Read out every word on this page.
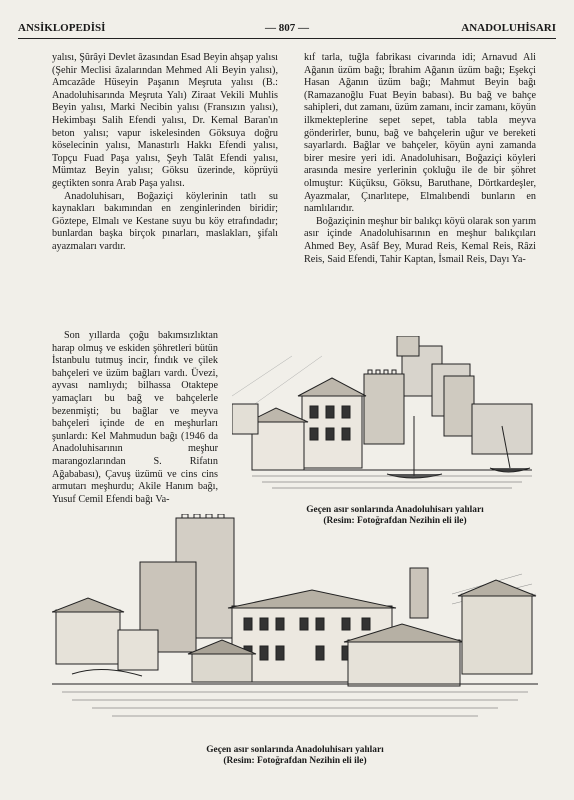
ANSİKLOPEDİSİ	— 807 —	ANADOLUHİSARI

yalısı, Şûrâyi Devlet âzasından Esad Beyin ahşap yalısı (Şehir Meclisi âzalarından Mehmed Ali Beyin yalısı), Amcazâde Hüseyin Paşanın Meşruta yalısı (B.: Anadoluhisarında Meşruta Yalı) Ziraat Vekili Muhlis Beyin yalısı, Marki Necibin yalısı (Fransızın yalısı), Hekimbaşı Salih Efendi yalısı, Dr. Kemal Baran'ın beton yalısı; vapur iskelesinden Göksuya doğru köselecinin yalısı, Manastırlı Hakkı Efendi yalısı, Topçu Fuad Paşa yalısı, Şeyh Talât Efendi yalısı, Mümtaz Beyin yalısı; Göksu üzerinde, köprüyü geçtikten sonra Arab Paşa yalısı.

Anadoluhisarı, Boğaziçi köylerinin tatlı su kaynakları bakımından en zenginlerinden biridir; Göztepe, Elmalı ve Kestane suyu bu köy etrafındadır; bunlardan başka birçok pınarları, maslakları, şifalı ayazmaları vardır.

Son yıllarda çoğu bakımsızlıktan harap olmuş ve eskiden şöhretleri bütün İstanbulu tutmuş incir, fındık ve çilek bahçeleri ve üzüm bağları vardı. Üvezi, ayvası namlıydı; bilhassa Otaktepe yamaçları bu bağ ve bahçelerle bezenmişti; bu bağlar ve meyva bahçeleri içinde de en meşhurları şunlardı: Kel Mahmudun bağı (1946 da Anadoluhisarının meşhur marangozlarından S. Rifatın Ağababası), Çavuş üzümü ve cins cins armutarı meşhurdu; Akile Hanım bağı, Yusuf Cemil Efendi bağı Va-

kıf tarla, tuğla fabrikası civarında idi; Arnavud Ali Ağanın üzüm bağı; İbrahim Ağanın üzüm bağı; Eşekçi Hasan Ağanın üzüm bağı; Mahmut Beyin bağı (Ramazanoğlu Fuat Beyin babası). Bu bağ ve bahçe sahipleri, dut zamanı, üzüm zamanı, incir zamanı, köyün ilkmekteplerine sepet sepet, tabla tabla meyva gönderirler, bunu, bağ ve bahçelerin uğur ve bereketi sayarlardı. Bağlar ve bahçeler, köyün ayni zamanda birer mesire yeri idi. Anadoluhisarı, Boğaziçi köyleri arasında mesire yerlerinin çokluğu ile de bir şöhret olmuştur: Küçüksu, Göksu, Baruthane, Dörtkardeşler, Ayazmalar, Çınarlıtepe, Elmalıbendi bunların en namlılarıdır.

Boğaziçinin meşhur bir balıkçı köyü olarak son yarım asır içinde Anadoluhisarının en meşhur balıkçıları Ahmed Bey, Asâf Bey, Murad Reis, Kemal Reis, Râzi Reis, Said Efendi, Tahir Kaptan, İsmail Reis, Dayı Ya-

Geçen asır sonlarında Anadoluhisarı yalıları
(Resim: Fotoğrafdan Nezihin eli ile)
Geçen asır sonlarında Anadoluhisarı yalıları
(Resim: Fotoğrafdan Nezihin eli ile)
